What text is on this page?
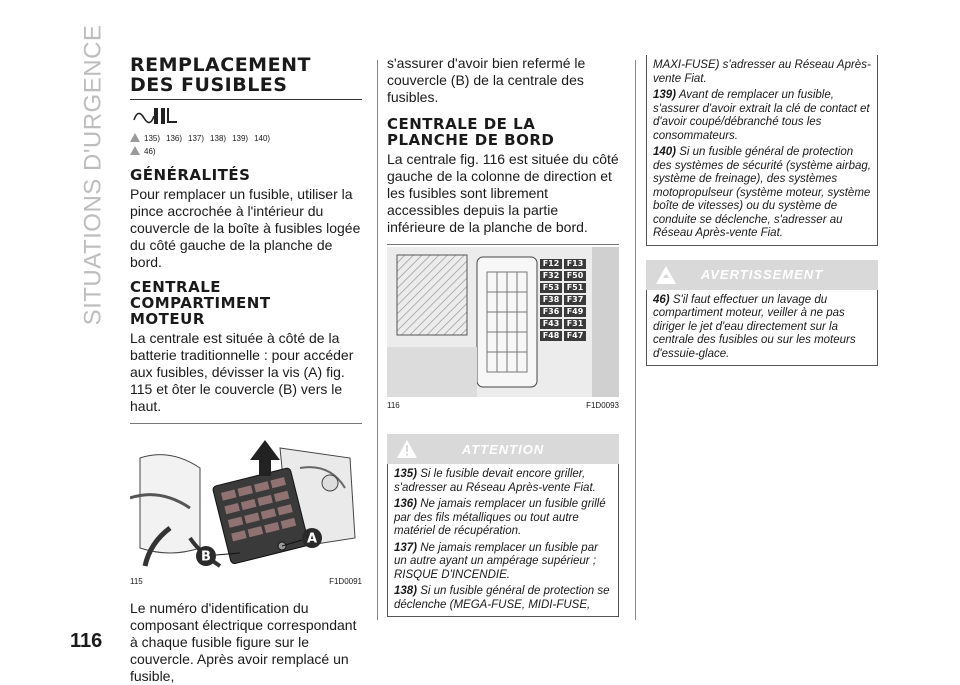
SITUATIONS D'URGENCE
116
REMPLACEMENT
DES FUSIBLES
135) 136) 137) 138) 139) 140)
46)
GÉNÉRALITÉS

Pour remplacer un fusible, utiliser la pince accrochée à l'intérieur du couvercle de la boîte à fusibles logée du côté gauche de la planche de bord.

CENTRALE
COMPARTIMENT
MOTEUR

La centrale est située à côté de la batterie traditionnelle : pour accéder aux fusibles, dévisser la vis (A) fig. 115 et ôter le couvercle (B) vers le haut.

A
B
115	F1D0091

Le numéro d'identification du composant électrique correspondant à chaque fusible figure sur le couvercle. Après avoir remplacé un fusible,

s'assurer d'avoir bien refermé le couvercle (B) de la centrale des fusibles.

CENTRALE DE LA
PLANCHE DE BORD

La centrale fig. 116 est située du côté gauche de la colonne de direction et les fusibles sont librement accessibles depuis la partie inférieure de la planche de bord.

F12 F13
F32 F50
F53 F51
F38 F37
F36 F49
F43 F31
F48 F47
116	F1D0093
ATTENTION

135) Si le fusible devait encore griller, s'adresser au Réseau Après-vente Fiat.

136) Ne jamais remplacer un fusible grillé par des fils métalliques ou tout autre matériel de récupération.

137) Ne jamais remplacer un fusible par un autre ayant un ampérage supérieur ; RISQUE D'INCENDIE.

138) Si un fusible général de protection se déclenche (MEGA-FUSE, MIDI-FUSE,

MAXI-FUSE) s'adresser au Réseau Après-vente Fiat.

139) Avant de remplacer un fusible, s'assurer d'avoir extrait la clé de contact et d'avoir coupé/débranché tous les consommateurs.

140) Si un fusible général de protection des systèmes de sécurité (système airbag, système de freinage), des systèmes motopropulseur (système moteur, système boîte de vitesses) ou du système de conduite se déclenche, s'adresser au Réseau Après-vente Fiat.

AVERTISSEMENT

46) S'il faut effectuer un lavage du compartiment moteur, veiller à ne pas diriger le jet d'eau directement sur la centrale des fusibles ou sur les moteurs d'essuie-glace.
